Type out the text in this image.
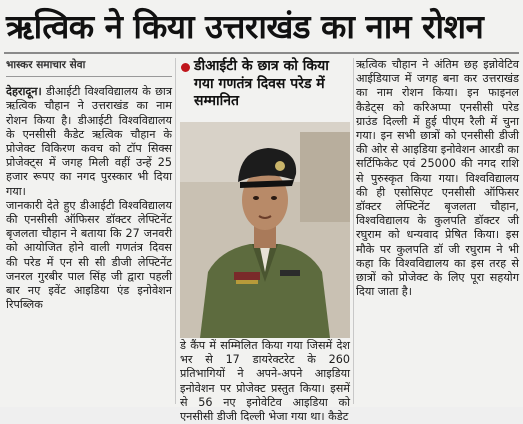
ऋत्विक ने किया उत्तराखंड का नाम रोशन
भास्कर समाचार सेवा

देहरादून। डीआईटी विश्वविद्यालय के छात्र ऋत्विक चौहान ने उत्तराखंड का नाम रोशन किया है। डीआईटी विश्वविद्यालय के एनसीसी कैडेट ऋत्विक चौहान के प्रोजेक्ट विकिरण कवच को टॉप सिक्स प्रोजेक्ट्स में जगह मिली वहीं उन्हें 25 हजार रूपए का नगद पुरस्कार भी दिया गया।

जानकारी देते हुए डीआईटी विश्वविद्यालय की एनसीसी ऑफिसर डॉक्टर लेफ्टिनेंट बृजलता चौहान ने बताया कि 27 जनवरी को आयोजित होने वाली गणतंत्र दिवस की परेड में एन सी सी डीजी लेफ्टिनेंट जनरल गुरबीर पाल सिंह जी द्वारा पहली बार नए इवेंट आइडिया एंड इनोवेशन रिपब्लिक

डीआईटी के छात्र को किया गया गणतंत्र दिवस परेड में सम्मानित

डे कैंप में सम्मिलित किया गया जिसमें देश भर से 17 डायरेक्टरेट के 260 प्रतिभागियों ने अपने-अपने आइडिया इनोवेशन पर प्रोजेक्ट प्रस्तुत किया। इसमें से 56 नए इनोवेटिव आइडिया को एनसीसी डीजी दिल्ली भेजा गया था। कैडेट

ऋत्विक चौहान ने अंतिम छह इन्नोवेटिव आईडियाज में जगह बना कर उत्तराखंड का नाम रोशन किया। इन फाइनल कैडेट्स को करिअप्पा एनसीसी परेड ग्राउंड दिल्ली में हुई पीएम रैली में चुना गया। इन सभी छात्रों को एनसीसी डीजी की ओर से आइडिया इनोवेशन आरडी का सर्टिफिकेट एवं 25000 की नगद राशि से पुरुस्कृत किया गया। विश्वविद्यालय की ही एसोसिएट एनसीसी ऑफिसर डॉक्टर लेफ्टिनेंट बृजलता चौहान, विश्वविद्यालय के कुलपति डॉक्टर जी रघुराम को धन्यवाद प्रेषित किया। इस मौके पर कुलपति डॉ जी रघुराम ने भी कहा कि विश्वविद्यालय का इस तरह से छात्रों को प्रोजेक्ट के लिए पूरा सहयोग दिया जाता है।
